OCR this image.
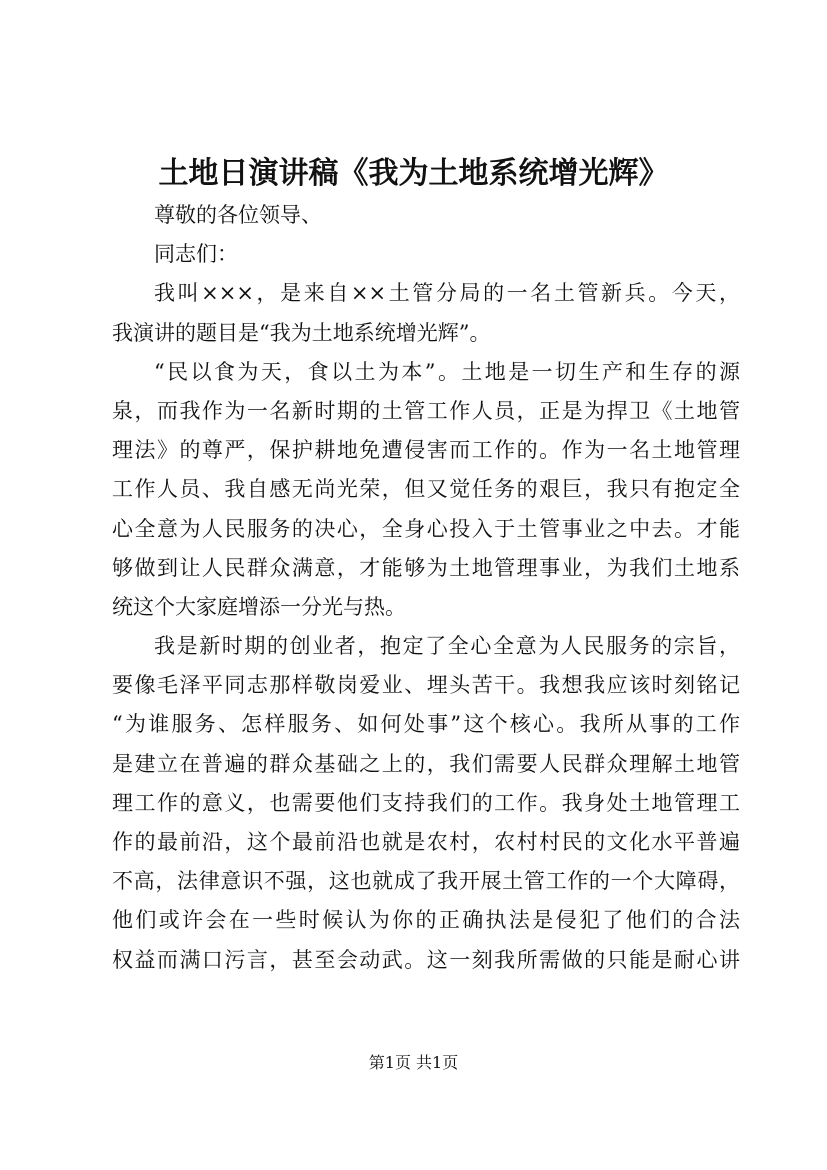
土地日演讲稿《我为土地系统增光辉》

尊敬的各位领导、

同志们：

我叫×××，是来自××土管分局的一名土管新兵。今天，
我演讲的题目是“我为土地系统增光辉”。

“民以食为天，食以土为本”。土地是一切生产和生存的源
泉，而我作为一名新时期的土管工作人员，正是为捍卫《土地管
理法》的尊严，保护耕地免遭侵害而工作的。作为一名土地管理
工作人员、我自感无尚光荣，但又觉任务的艰巨，我只有抱定全
心全意为人民服务的决心，全身心投入于土管事业之中去。才能
够做到让人民群众满意，才能够为土地管理事业，为我们土地系
统这个大家庭增添一分光与热。

我是新时期的创业者，抱定了全心全意为人民服务的宗旨，
要像毛泽平同志那样敬岗爱业、埋头苦干。我想我应该时刻铭记
“为谁服务、怎样服务、如何处事”这个核心。我所从事的工作
是建立在普遍的群众基础之上的，我们需要人民群众理解土地管
理工作的意义，也需要他们支持我们的工作。我身处土地管理工
作的最前沿，这个最前沿也就是农村，农村村民的文化水平普遍
不高，法律意识不强，这也就成了我开展土管工作的一个大障碍，
他们或许会在一些时候认为你的正确执法是侵犯了他们的合法
权益而满口污言，甚至会动武。这一刻我所需做的只能是耐心讲

第1页 共1页
